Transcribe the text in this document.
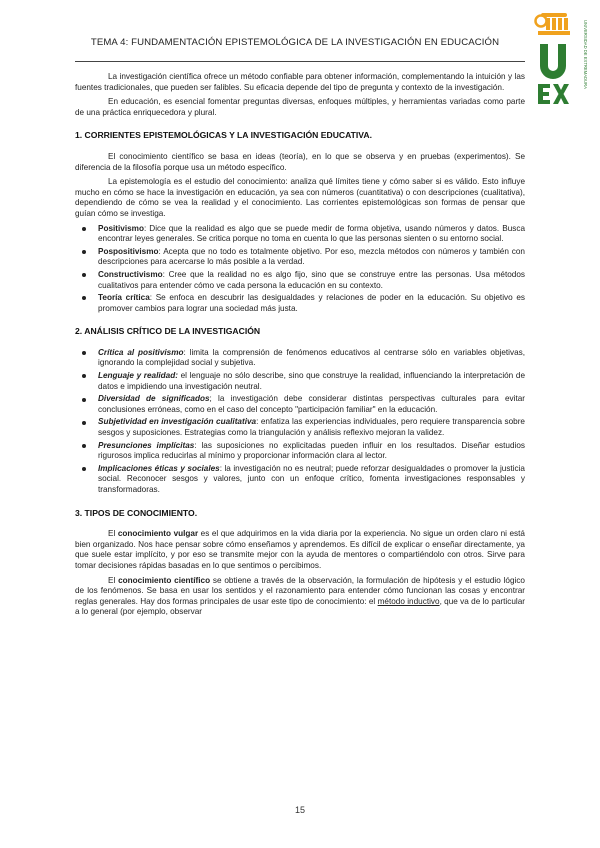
TEMA 4: FUNDAMENTACIÓN EPISTEMOLÓGICA DE LA INVESTIGACIÓN EN EDUCACIÓN	UNIVERSIDAD DE EXTREMADURA

La investigación científica ofrece un método confiable para obtener información, complementando la intuición y las fuentes tradicionales, que pueden ser falibles. Su eficacia depende del tipo de pregunta y contexto de la investigación.

En educación, es esencial fomentar preguntas diversas, enfoques múltiples, y herramientas variadas como parte de una práctica enriquecedora y plural.

1. CORRIENTES EPISTEMOLÓGICAS Y LA INVESTIGACIÓN EDUCATIVA.

El conocimiento científico se basa en ideas (teoría), en lo que se observa y en pruebas (experimentos). Se diferencia de la filosofía porque usa un método específico.

La epistemología es el estudio del conocimiento: analiza qué límites tiene y cómo saber si es válido. Esto influye mucho en cómo se hace la investigación en educación, ya sea con números (cuantitativa) o con descripciones (cualitativa), dependiendo de cómo se vea la realidad y el conocimiento. Las corrientes epistemológicas son formas de pensar que guían cómo se investiga.

Positivismo: Dice que la realidad es algo que se puede medir de forma objetiva, usando números y datos. Busca encontrar leyes generales. Se critica porque no toma en cuenta lo que las personas sienten o su entorno social.
Pospositivismo: Acepta que no todo es totalmente objetivo. Por eso, mezcla métodos con números y también con descripciones para acercarse lo más posible a la verdad.
Constructivismo: Cree que la realidad no es algo fijo, sino que se construye entre las personas. Usa métodos cualitativos para entender cómo ve cada persona la educación en su contexto.
Teoría crítica: Se enfoca en descubrir las desigualdades y relaciones de poder en la educación. Su objetivo es promover cambios para lograr una sociedad más justa.
2. ANÁLISIS CRÍTICO DE LA INVESTIGACIÓN
Crítica al positivismo: limita la comprensión de fenómenos educativos al centrarse sólo en variables objetivas, ignorando la complejidad social y subjetiva.
Lenguaje y realidad: el lenguaje no sólo describe, sino que construye la realidad, influenciando la interpretación de datos e impidiendo una investigación neutral.
Diversidad de significados; la investigación debe considerar distintas perspectivas culturales para evitar conclusiones erróneas, como en el caso del concepto "participación familiar" en la educación.
Subjetividad en investigación cualitativa: enfatiza las experiencias individuales, pero requiere transparencia sobre sesgos y suposiciones. Estrategias como la triangulación y análisis reflexivo mejoran la validez.
Presunciones implícitas: las suposiciones no explicitadas pueden influir en los resultados. Diseñar estudios rigurosos implica reducirlas al mínimo y proporcionar información clara al lector.
Implicaciones éticas y sociales: la investigación no es neutral; puede reforzar desigualdades o promover la justicia social. Reconocer sesgos y valores, junto con un enfoque crítico, fomenta investigaciones responsables y transformadoras.
3. TIPOS DE CONOCIMIENTO.

El conocimiento vulgar es el que adquirimos en la vida diaria por la experiencia. No sigue un orden claro ni está bien organizado. Nos hace pensar sobre cómo enseñamos y aprendemos. Es difícil de explicar o enseñar directamente, ya que suele estar implícito, y por eso se transmite mejor con la ayuda de mentores o compartiéndolo con otros. Sirve para tomar decisiones rápidas basadas en lo que sentimos o percibimos.

El conocimiento científico se obtiene a través de la observación, la formulación de hipótesis y el estudio lógico de los fenómenos. Se basa en usar los sentidos y el razonamiento para entender cómo funcionan las cosas y encontrar reglas generales. Hay dos formas principales de usar este tipo de conocimiento: el método inductivo, que va de lo particular a lo general (por ejemplo, observar

15
